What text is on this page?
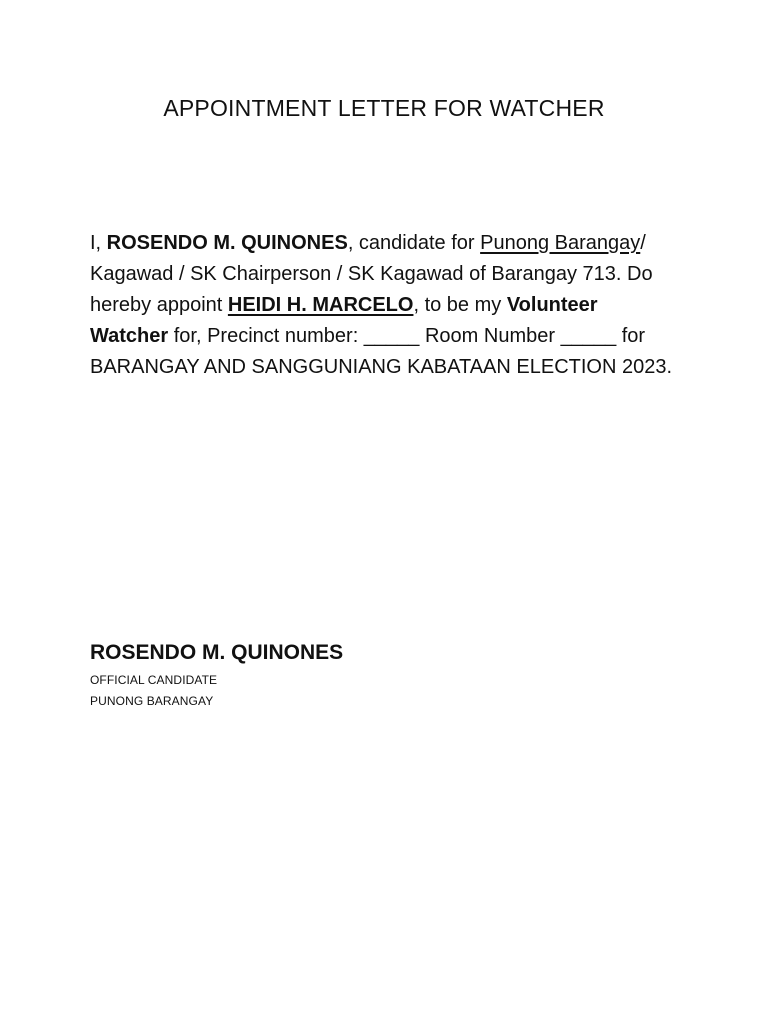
APPOINTMENT LETTER FOR WATCHER
I, ROSENDO M. QUINONES, candidate for Punong Barangay/ Kagawad / SK Chairperson / SK Kagawad of Barangay 713. Do hereby appoint HEIDI H. MARCELO, to be my Volunteer Watcher for, Precinct number: _____ Room Number _____ for BARANGAY AND SANGGUNIANG KABATAAN ELECTION 2023.
ROSENDO M. QUINONES
OFFICIAL CANDIDATE
PUNONG BARANGAY
